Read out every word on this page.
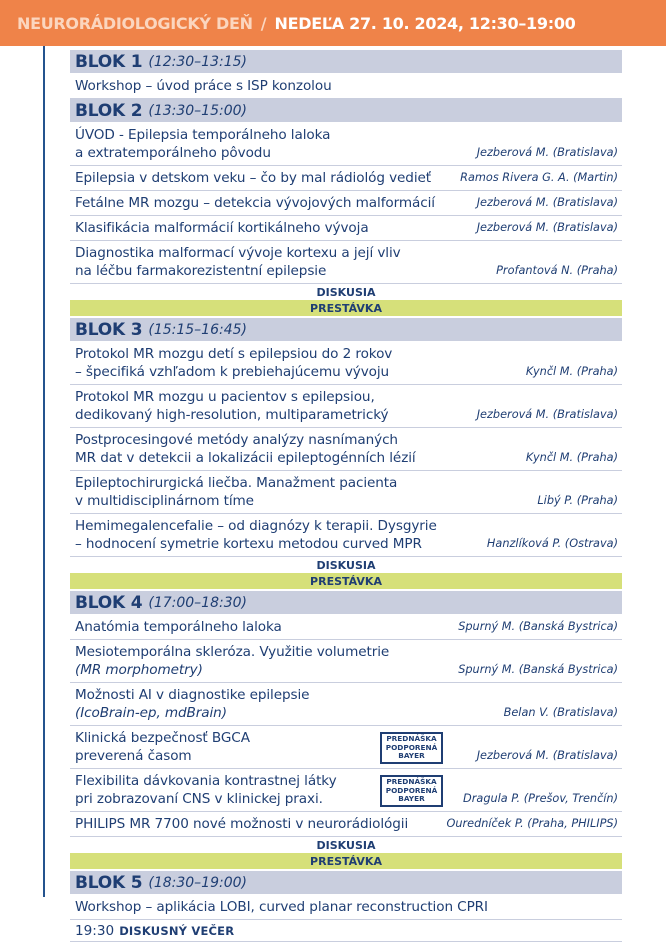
NEURORÁDIOLOGICKÝ DEŇ / NEDEĽA 27. 10. 2024, 12:30–19:00
BLOK 1 (12:30–13:15)
Workshop – úvod práce s ISP konzolou
BLOK 2 (13:30–15:00)
ÚVOD - Epilepsia temporálneho laloka
a extratemporálneho pôvodu	Jezberová M. (Bratislava)
Epilepsia v detskom veku – čo by mal rádiológ vedieť	Ramos Rivera G. A. (Martin)
Fetálne MR mozgu – detekcia vývojových malformácií	Jezberová M. (Bratislava)
Klasifikácia malformácií kortikálneho vývoja	Jezberová M. (Bratislava)
Diagnostika malformací vývoje kortexu a její vliv
na léčbu farmakorezistentní epilepsie	Profantová N. (Praha)
DISKUSIA
PRESTÁVKA
BLOK 3 (15:15–16:45)
Protokol MR mozgu detí s epilepsiou do 2 rokov
– špecifiká vzhľadom k prebiehajúcemu vývoju	Kynčl M. (Praha)
Protokol MR mozgu u pacientov s epilepsiou,
dedikovaný high-resolution, multiparametrický	Jezberová M. (Bratislava)
Postprocesingové metódy analýzy nasnímaných
MR dat v detekcii a lokalizácii epileptogénních lézií	Kynčl M. (Praha)
Epileptochirurgická liečba. Manažment pacienta
v multidisciplinárnom tíme	Libý P. (Praha)
Hemimegalencefalie – od diagnózy k terapii. Dysgyrie
– hodnocení symetrie kortexu metodou curved MPR	Hanzlíková P. (Ostrava)
DISKUSIA
PRESTÁVKA
BLOK 4 (17:00–18:30)
Anatómia temporálneho laloka	Spurný M. (Banská Bystrica)
Mesiotemporálna skleróza. Využitie volumetrie
(MR morphometry)	Spurný M. (Banská Bystrica)
Možnosti AI v diagnostike epilepsie
(IcoBrain-ep, mdBrain)	Belan V. (Bratislava)
Klinická bezpečnosť BGCA
preverená časom
PREDNÁŠKA
PODPORENÁ
BAYER	Jezberová M. (Bratislava)
Flexibilita dávkovania kontrastnej látky
pri zobrazovaní CNS v klinickej praxi.
PREDNÁŠKA
PODPORENÁ
BAYER	Dragula P. (Prešov, Trenčín)
PHILIPS MR 7700 nové možnosti v neurorádiológii	Ouredníček P. (Praha, PHILIPS)
DISKUSIA
PRESTÁVKA
BLOK 5 (18:30–19:00)
Workshop – aplikácia LOBI, curved planar reconstruction CPRI
19:30 DISKUSNÝ VEČER
